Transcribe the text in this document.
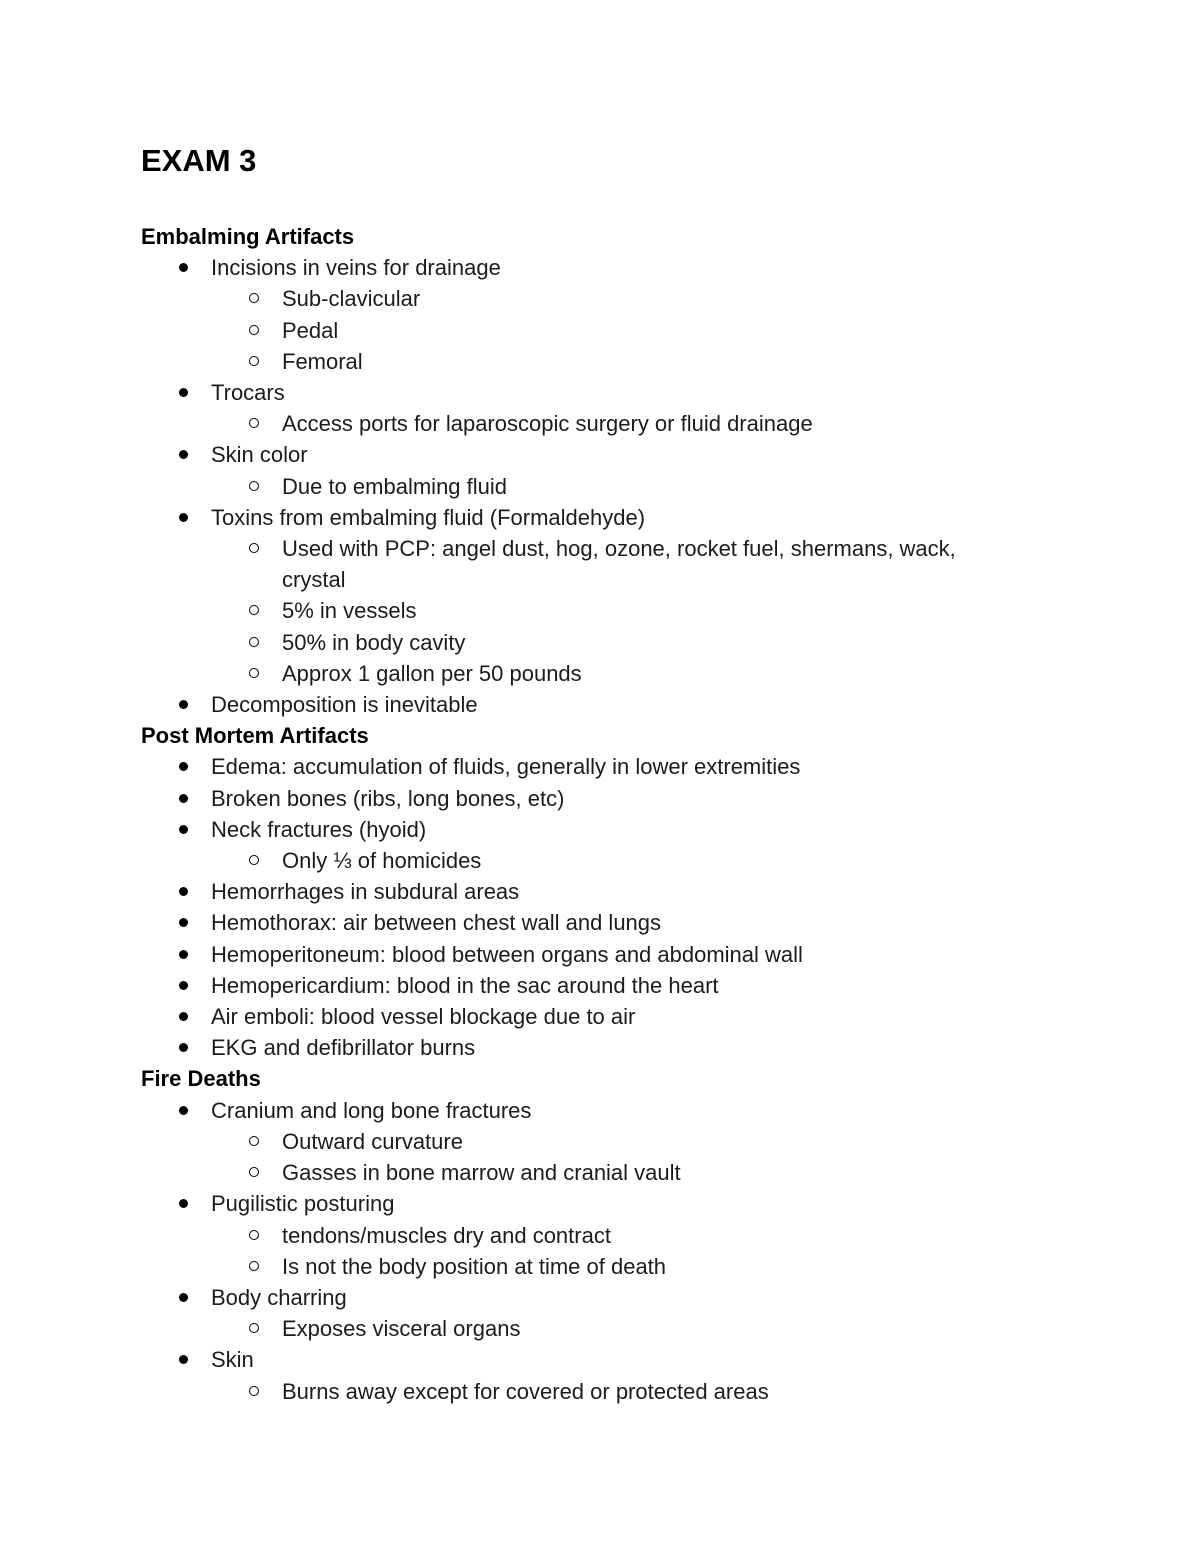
EXAM 3
Embalming Artifacts
Incisions in veins for drainage
Sub-clavicular
Pedal
Femoral
Trocars
Access ports for laparoscopic surgery or fluid drainage
Skin color
Due to embalming fluid
Toxins from embalming fluid (Formaldehyde)
Used with PCP: angel dust, hog, ozone, rocket fuel, shermans, wack, crystal
5% in vessels
50% in body cavity
Approx 1 gallon per 50 pounds
Decomposition is inevitable
Post Mortem Artifacts
Edema: accumulation of fluids, generally in lower extremities
Broken bones (ribs, long bones, etc)
Neck fractures (hyoid)
Only ⅓ of homicides
Hemorrhages in subdural areas
Hemothorax: air between chest wall and lungs
Hemoperitoneum: blood between organs and abdominal wall
Hemopericardium: blood in the sac around the heart
Air emboli: blood vessel blockage due to air
EKG and defibrillator burns
Fire Deaths
Cranium and long bone fractures
Outward curvature
Gasses in bone marrow and cranial vault
Pugilistic posturing
tendons/muscles dry and contract
Is not the body position at time of death
Body charring
Exposes visceral organs
Skin
Burns away except for covered or protected areas
